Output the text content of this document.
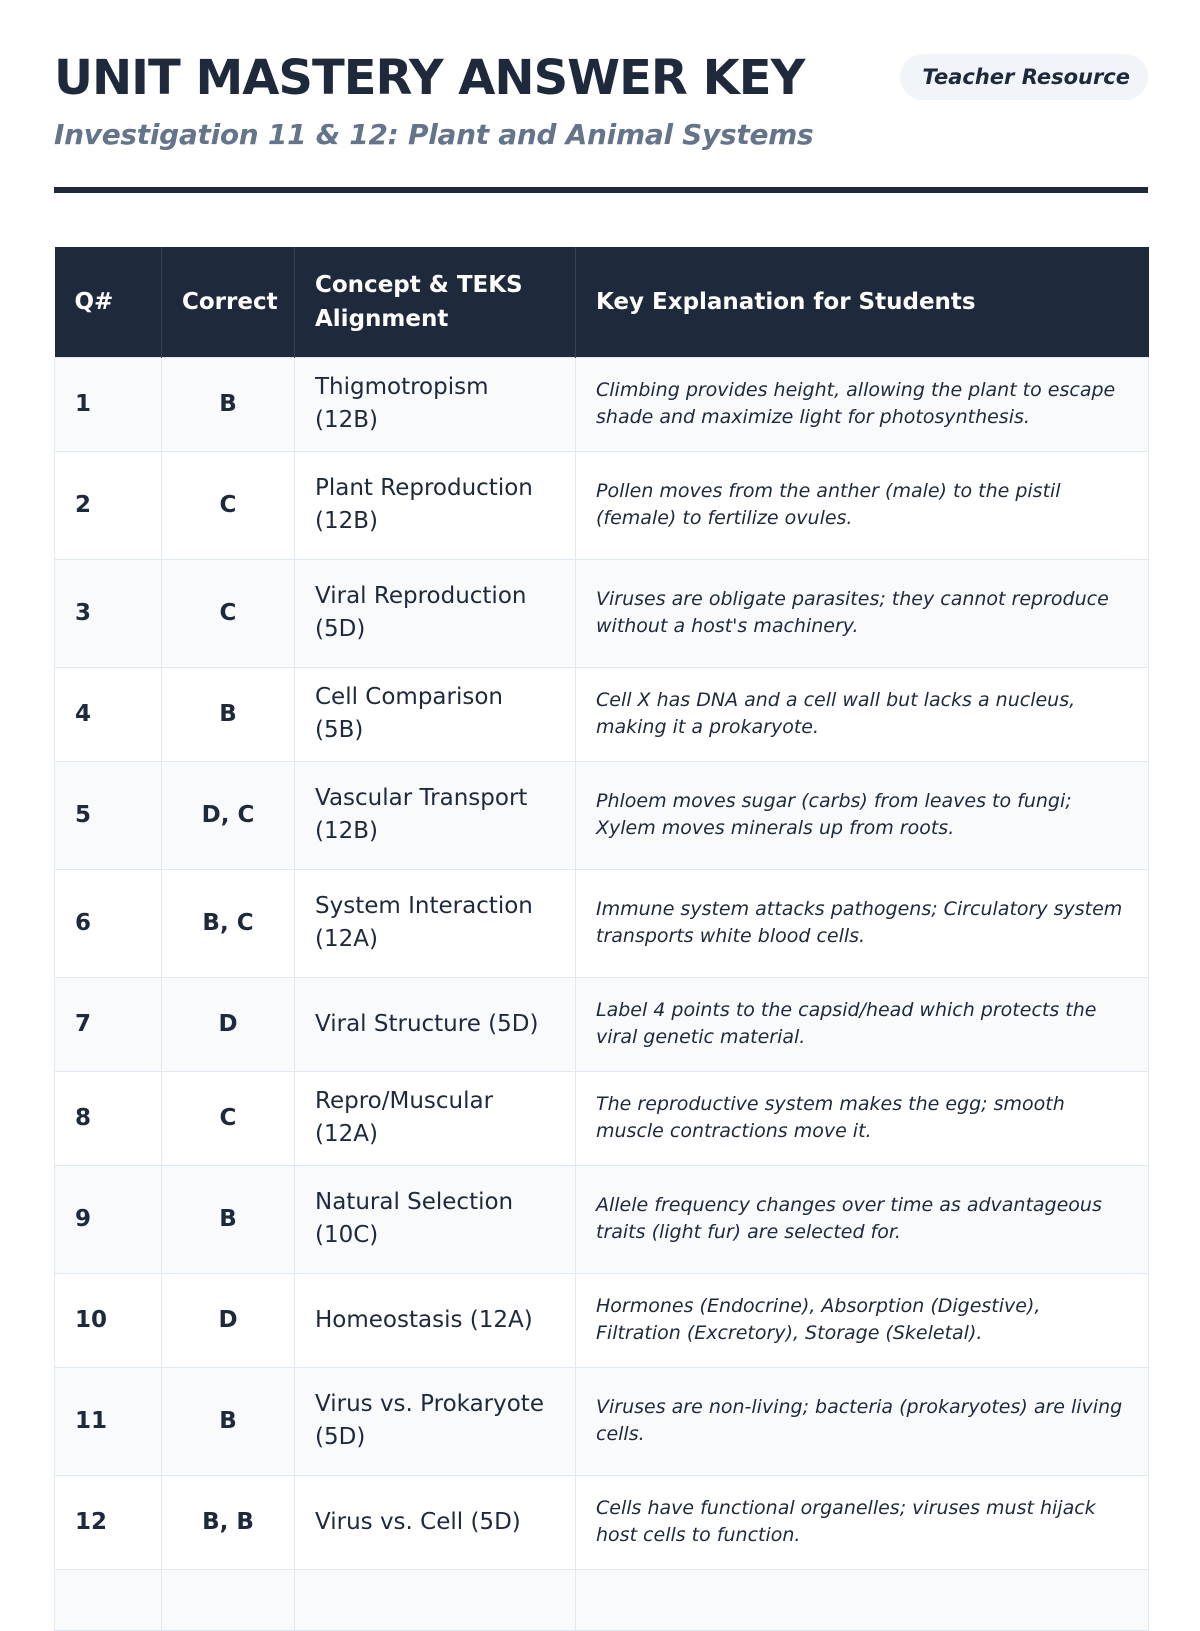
UNIT MASTERY ANSWER KEY
Investigation 11 & 12: Plant and Animal Systems
Teacher Resource
Q#	Correct	Concept & TEKS Alignment	Key Explanation for Students
1	B	Thigmotropism (12B)	Climbing provides height, allowing the plant to escape shade and maximize light for photosynthesis.
2	C	Plant Reproduction (12B)	Pollen moves from the anther (male) to the pistil (female) to fertilize ovules.
3	C	Viral Reproduction (5D)	Viruses are obligate parasites; they cannot reproduce without a host's machinery.
4	B	Cell Comparison (5B)	Cell X has DNA and a cell wall but lacks a nucleus, making it a prokaryote.
5	D, C	Vascular Transport (12B)	Phloem moves sugar (carbs) from leaves to fungi; Xylem moves minerals up from roots.
6	B, C	System Interaction (12A)	Immune system attacks pathogens; Circulatory system transports white blood cells.
7	D	Viral Structure (5D)	Label 4 points to the capsid/head which protects the viral genetic material.
8	C	Repro/Muscular (12A)	The reproductive system makes the egg; smooth muscle contractions move it.
9	B	Natural Selection (10C)	Allele frequency changes over time as advantageous traits (light fur) are selected for.
10	D	Homeostasis (12A)	Hormones (Endocrine), Absorption (Digestive), Filtration (Excretory), Storage (Skeletal).
11	B	Virus vs. Prokaryote (5D)	Viruses are non-living; bacteria (prokaryotes) are living cells.
12	B, B	Virus vs. Cell (5D)	Cells have functional organelles; viruses must hijack host cells to function.
